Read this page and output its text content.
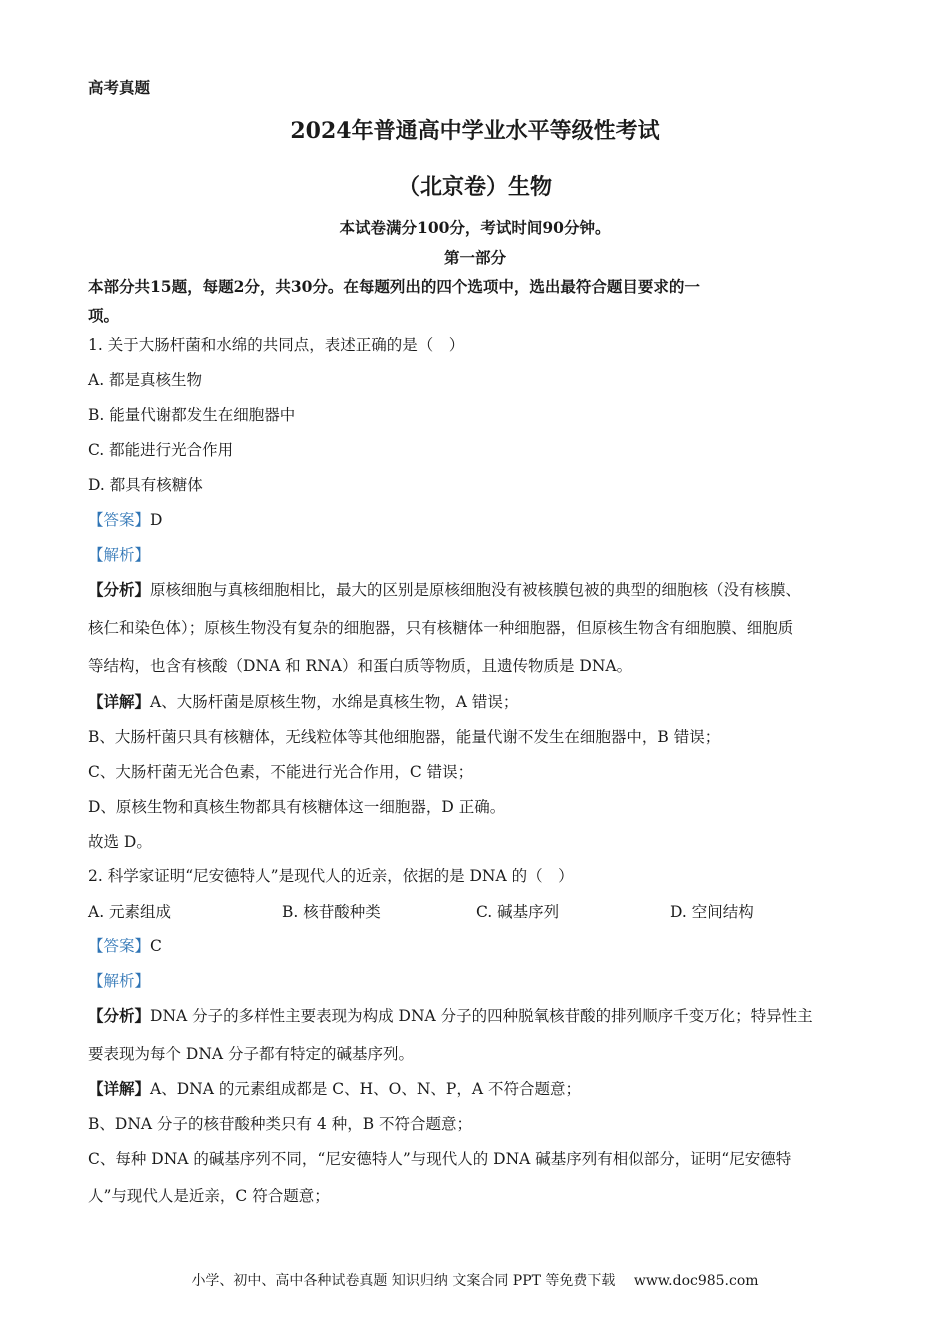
高考真题
2024年普通高中学业水平等级性考试
（北京卷）生物
本试卷满分100分，考试时间90分钟。
第一部分
本部分共15题，每题2分，共30分。在每题列出的四个选项中，选出最符合题目要求的一
项。
1. 关于大肠杆菌和水绵的共同点，表述正确的是（　）
A. 都是真核生物
B. 能量代谢都发生在细胞器中
C. 都能进行光合作用
D. 都具有核糖体
【答案】D
【解析】
【分析】原核细胞与真核细胞相比，最大的区别是原核细胞没有被核膜包被的典型的细胞核（没有核膜、
核仁和染色体）；原核生物没有复杂的细胞器，只有核糖体一种细胞器，但原核生物含有细胞膜、细胞质
等结构，也含有核酸（DNA 和 RNA）和蛋白质等物质，且遗传物质是 DNA。
【详解】A、大肠杆菌是原核生物，水绵是真核生物，A 错误；
B、大肠杆菌只具有核糖体，无线粒体等其他细胞器，能量代谢不发生在细胞器中，B 错误；
C、大肠杆菌无光合色素，不能进行光合作用，C 错误；
D、原核生物和真核生物都具有核糖体这一细胞器，D 正确。
故选 D。
2. 科学家证明“尼安德特人”是现代人的近亲，依据的是 DNA 的（　）
A. 元素组成	B. 核苷酸种类	C. 碱基序列	D. 空间结构
【答案】C
【解析】
【分析】DNA 分子的多样性主要表现为构成 DNA 分子的四种脱氧核苷酸的排列顺序千变万化；特异性主
要表现为每个 DNA 分子都有特定的碱基序列。
【详解】A、DNA 的元素组成都是 C、H、O、N、P，A 不符合题意；
B、DNA 分子的核苷酸种类只有 4 种，B 不符合题意；
C、每种 DNA 的碱基序列不同，“尼安德特人”与现代人的 DNA 碱基序列有相似部分，证明“尼安德特
人”与现代人是近亲，C 符合题意；
小学、初中、高中各种试卷真题 知识归纳 文案合同 PPT 等免费下载　 www.doc985.com
